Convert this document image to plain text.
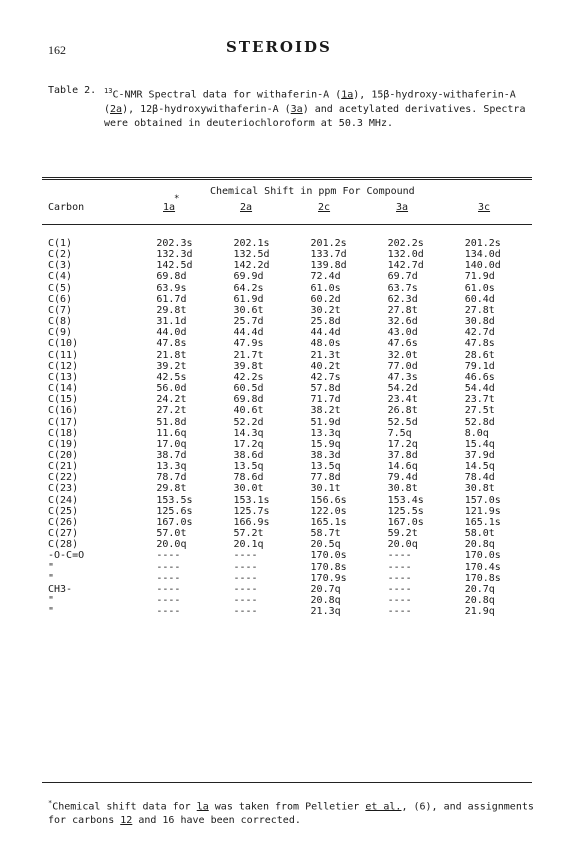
162	STEROIDS
Table 2. $^{13}$C-NMR Spectral data for withaferin-A (1a), 15β-hydroxy-withaferin-A (2a), 12β-hydroxywithaferin-A (3a) and acetylated derivatives. Spectra were obtained in deuteriochloroform at 50.3 MHz.
Chemical Shift in ppm For Compound
Carbon
*
1a	2a	2c	3a	3c
C(1)	202.3s	202.1s	201.2s	202.2s	201.2s
C(2)	132.3d	132.5d	133.7d	132.0d	134.0d
C(3)	142.5d	142.2d	139.8d	142.7d	140.0d
C(4)	69.8d	69.9d	72.4d	69.7d	71.9d
C(5)	63.9s	64.2s	61.0s	63.7s	61.0s
C(6)	61.7d	61.9d	60.2d	62.3d	60.4d
C(7)	29.8t	30.6t	30.2t	27.8t	27.8t
C(8)	31.1d	25.7d	25.8d	32.6d	30.8d
C(9)	44.0d	44.4d	44.4d	43.0d	42.7d
C(10)	47.8s	47.9s	48.0s	47.6s	47.8s
C(11)	21.8t	21.7t	21.3t	32.0t	28.6t
C(12)	39.2t	39.8t	40.2t	77.0d	79.1d
C(13)	42.5s	42.2s	42.7s	47.3s	46.6s
C(14)	56.0d	60.5d	57.8d	54.2d	54.4d
C(15)	24.2t	69.8d	71.7d	23.4t	23.7t
C(16)	27.2t	40.6t	38.2t	26.8t	27.5t
C(17)	51.8d	52.2d	51.9d	52.5d	52.8d
C(18)	11.6q	14.3q	13.3q	7.5q	8.0q
C(19)	17.0q	17.2q	15.9q	17.2q	15.4q
C(20)	38.7d	38.6d	38.3d	37.8d	37.9d
C(21)	13.3q	13.5q	13.5q	14.6q	14.5q
C(22)	78.7d	78.6d	77.8d	79.4d	78.4d
C(23)	29.8t	30.0t	30.1t	30.8t	30.8t
C(24)	153.5s	153.1s	156.6s	153.4s	157.0s
C(25)	125.6s	125.7s	122.0s	125.5s	121.9s
C(26)	167.0s	166.9s	165.1s	167.0s	165.1s
C(27)	57.0t	57.2t	58.7t	59.2t	58.0t
C(28)	20.0q	20.1q	20.5q	20.0q	20.8q
-O-C=O	----	----	170.0s	----	170.0s
"	----	----	170.8s	----	170.4s
"	----	----	170.9s	----	170.8s
CH3-	----	----	20.7q	----	20.7q
"	----	----	20.8q	----	20.8q
"	----	----	21.3q	----	21.9q
*Chemical shift data for la was taken from Pelletier et al., (6), and assignments for carbons 12 and 16 have been corrected.
